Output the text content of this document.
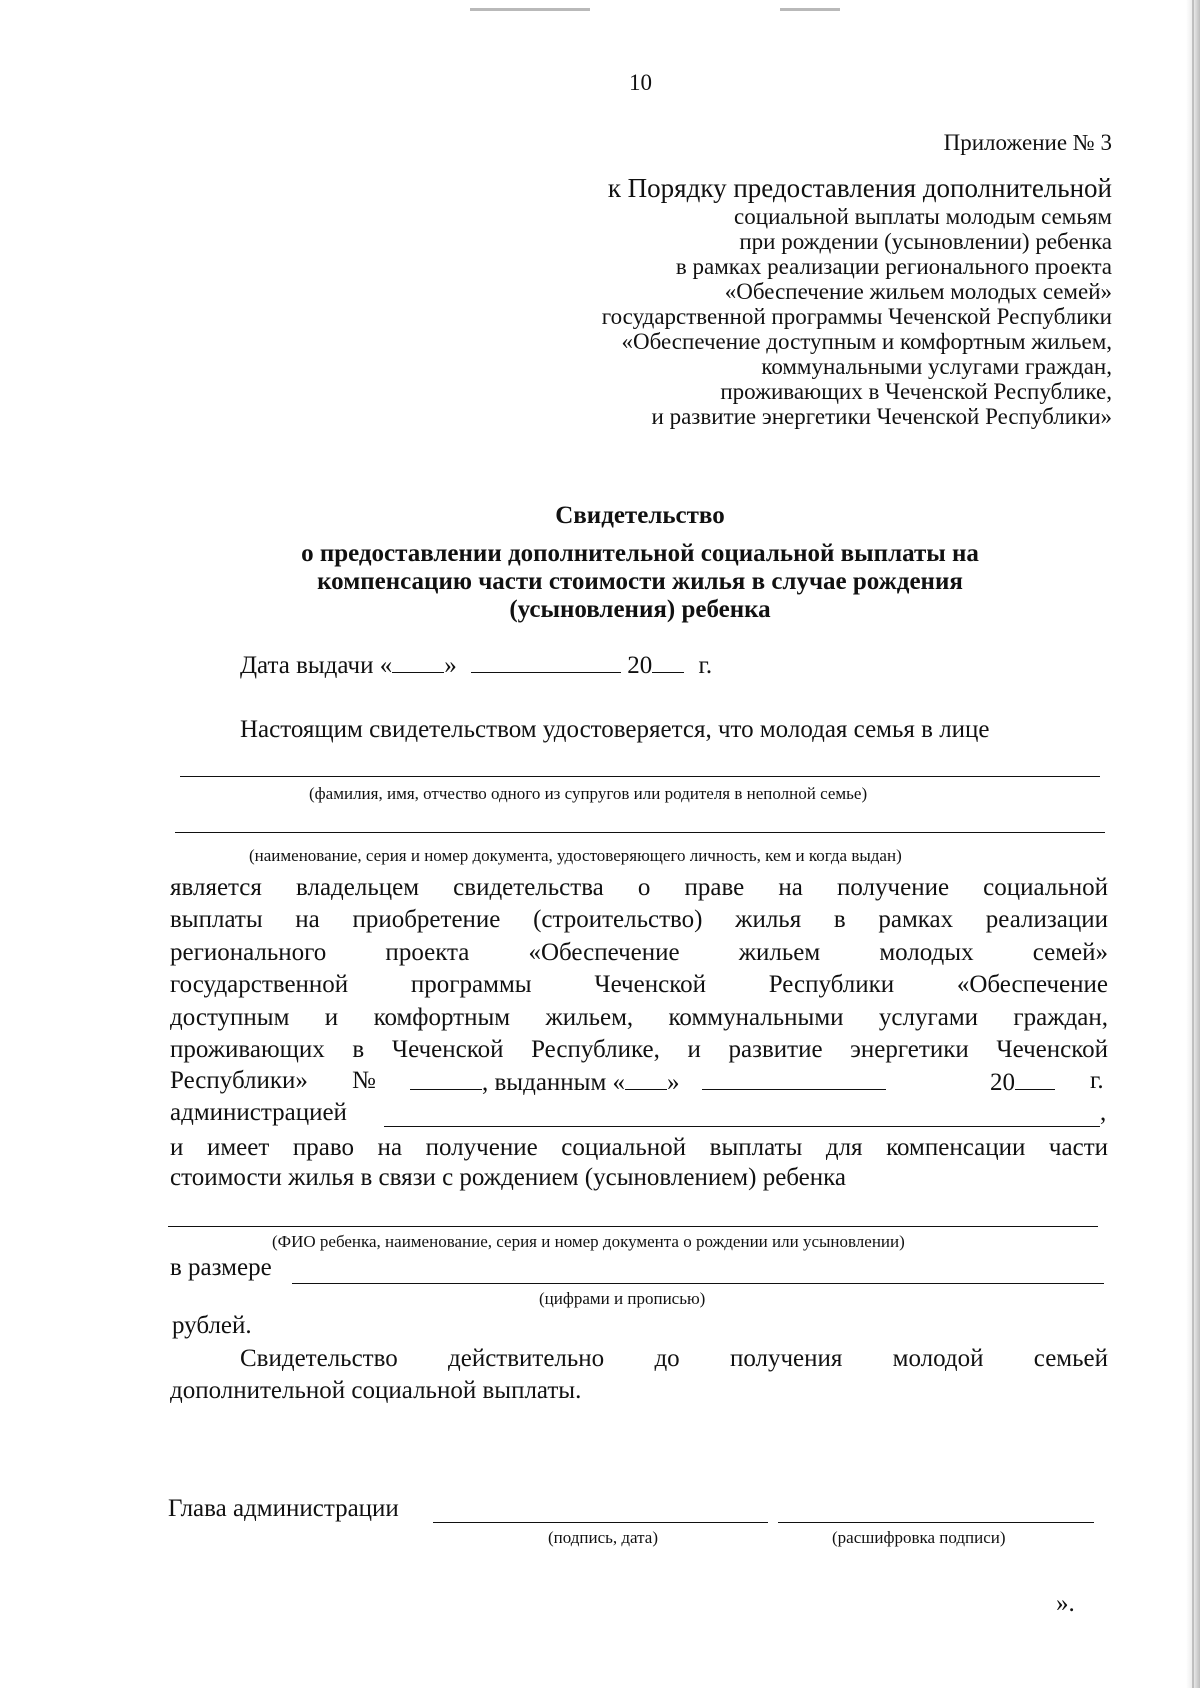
10
Приложение № 3
к Порядку предоставления дополнительной
социальной выплаты молодым семьям
при рождении (усыновлении) ребенка
в рамках реализации регионального проекта
«Обеспечение жильем молодых семей»
государственной программы Чеченской Республики
«Обеспечение доступным и комфортным жильем,
коммунальными услугами граждан,
проживающих в Чеченской Республике,
и развитие энергетики Чеченской Республики»
Свидетельство
о предоставлении дополнительной социальной выплаты на
компенсацию части стоимости жилья в случае рождения
(усыновления) ребенка
Дата выдачи « »	20 г.
Настоящим свидетельством удостоверяется, что молодая семья в лице
(фамилия, имя, отчество одного из супругов или родителя в неполной семье)
(наименование, серия и номер документа, удостоверяющего личность, кем и когда выдан)
является владельцем свидетельства о праве на получение социальной
выплаты на приобретение (строительство) жилья в рамках реализации
регионального проекта «Обеспечение жильем молодых семей»
государственной программы Чеченской Республики «Обеспечение
доступным и комфортным жильем, коммунальными услугами граждан,
проживающих в Чеченской Республике, и развитие энергетики Чеченской
Республики» №	, выданным « »	20	г.
администрацией	,
и имеет право на получение социальной выплаты для компенсации части
стоимости жилья в связи с рождением (усыновлением) ребенка
(ФИО ребенка, наименование, серия и номер документа о рождении или усыновлении)
в размере
(цифрами и прописью)
рублей.
Свидетельство действительно до получения молодой семьей
дополнительной социальной выплаты.
Глава администрации
(подпись, дата)	(расшифровка подписи)
».
